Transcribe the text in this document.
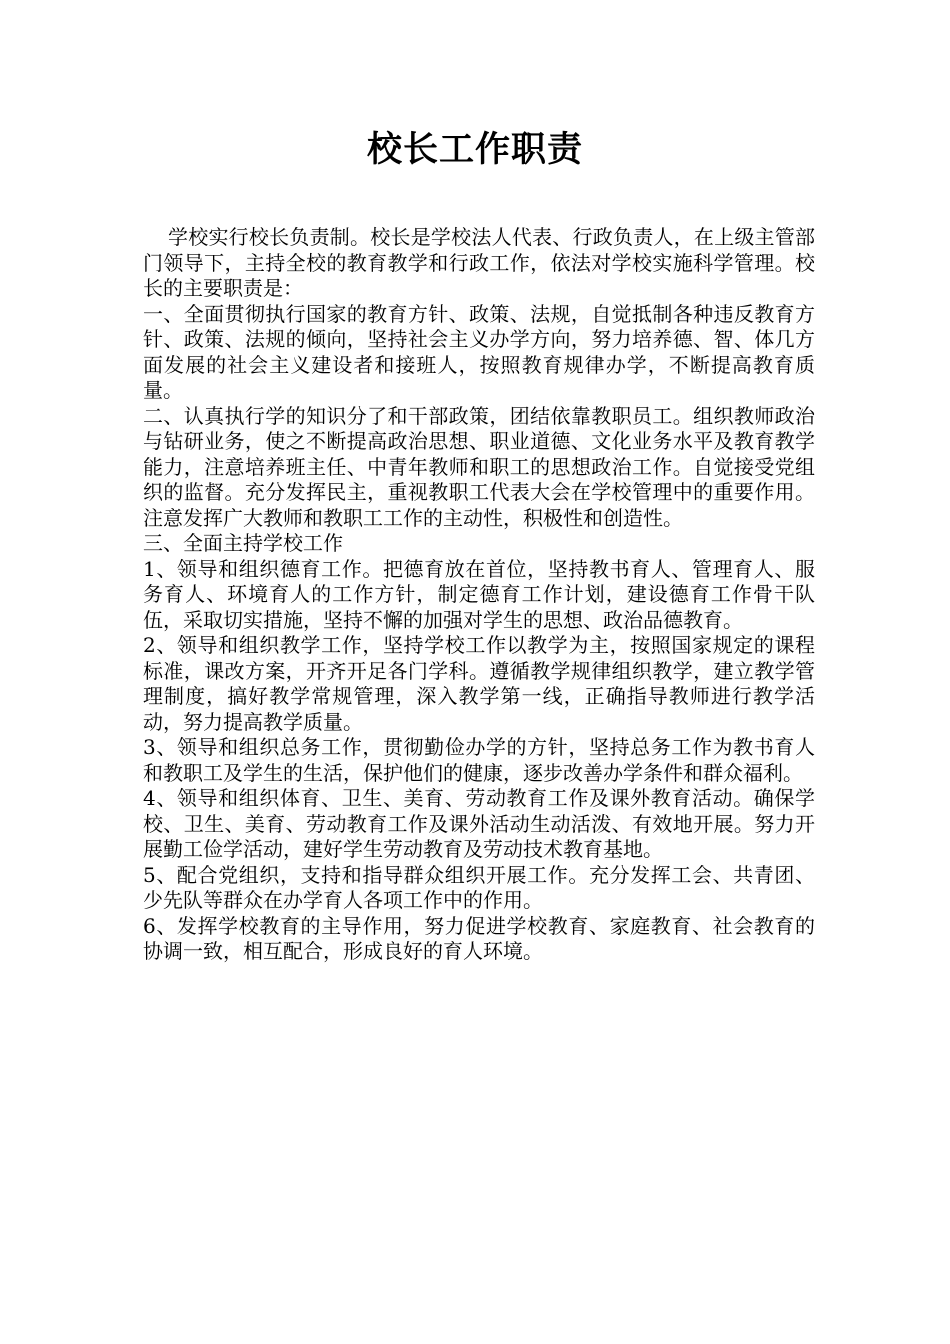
校长工作职责

学校实行校长负责制。校长是学校法人代表、行政负责人，在上级主管部门领导下，主持全校的教育教学和行政工作，依法对学校实施科学管理。校长的主要职责是：

一、全面贯彻执行国家的教育方针、政策、法规，自觉抵制各种违反教育方针、政策、法规的倾向，坚持社会主义办学方向，努力培养德、智、体几方面发展的社会主义建设者和接班人，按照教育规律办学，不断提高教育质量。

二、认真执行学的知识分了和干部政策，团结依靠教职员工。组织教师政治与钻研业务，使之不断提高政治思想、职业道德、文化业务水平及教育教学能力，注意培养班主任、中青年教师和职工的思想政治工作。自觉接受党组织的监督。充分发挥民主，重视教职工代表大会在学校管理中的重要作用。注意发挥广大教师和教职工工作的主动性，积极性和创造性。

三、全面主持学校工作

1、领导和组织德育工作。把德育放在首位，坚持教书育人、管理育人、服务育人、环境育人的工作方针，制定德育工作计划，建设德育工作骨干队伍，采取切实措施，坚持不懈的加强对学生的思想、政治品德教育。

2、领导和组织教学工作，坚持学校工作以教学为主，按照国家规定的课程标准，课改方案，开齐开足各门学科。遵循教学规律组织教学，建立教学管理制度，搞好教学常规管理，深入教学第一线，正确指导教师进行教学活动，努力提高教学质量。

3、领导和组织总务工作，贯彻勤俭办学的方针，坚持总务工作为教书育人和教职工及学生的生活，保护他们的健康，逐步改善办学条件和群众福利。

4、领导和组织体育、卫生、美育、劳动教育工作及课外教育活动。确保学校、卫生、美育、劳动教育工作及课外活动生动活泼、有效地开展。努力开展勤工俭学活动，建好学生劳动教育及劳动技术教育基地。

5、配合党组织，支持和指导群众组织开展工作。充分发挥工会、共青团、少先队等群众在办学育人各项工作中的作用。

6、发挥学校教育的主导作用，努力促进学校教育、家庭教育、社会教育的协调一致，相互配合，形成良好的育人环境。
